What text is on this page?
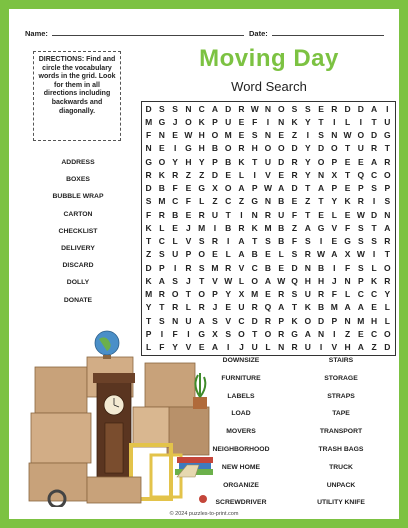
Name:	Date:
DIRECTIONS: Find and circle the vocabulary words in the grid. Look for them in all directions including backwards and diagonally.
Moving Day
Word Search
D S S N C A D R W N O S S E R D D A	I
M G J O K P U E F	I	N K Y T	I	L	I	T U
F N E W H O M E S N E Z	I	S N W O D G
N E	I	G H B O R H O O D Y D O T U R T
G O Y H Y P B K T U D R Y O P E E A R
R K R Z Z D E L	I	V E R Y N X T Q C O
D B F E G X O A P W A D T A P E P S P
S M C F L Z C Z G N B E Z T Y K R	I	S
F R B E R U T	I	N R U F T E L E W D N
K L E J M	I	B R K M B Z A G V F S T A
T C L V S R	I	A T S B F S	I	E G S S R
Z S U P O E L A B E L S R W A X W I	T
D P	I	R S M R V C B E D N B	I	F S L O
K A S J T V W L O A W Q H H J N P K R
M R O T O P Y X M E R S U R F L C C Y
Y T R L R J E U R Q A T K B M A A E L
T S N U A S V C D R P K O D P N M H L
P	I	F	I	G X S O T O R G A N	I	Z E C O
L F Y V E A	I	J U L N R U	I	V H A Z D
ADDRESS
BOXES
BUBBLE WRAP
CARTON
CHECKLIST
DELIVERY
DISCARD
DOLLY
DONATE
DOWNSIZE
FURNITURE
LABELS
LOAD
MOVERS
NEIGHBORHOOD
NEW HOME
ORGANIZE
SCREWDRIVER
STAIRS
STORAGE
STRAPS
TAPE
TRANSPORT
TRASH BAGS
TRUCK
UNPACK
UTILITY KNIFE
© 2024 puzzles-to-print.com
